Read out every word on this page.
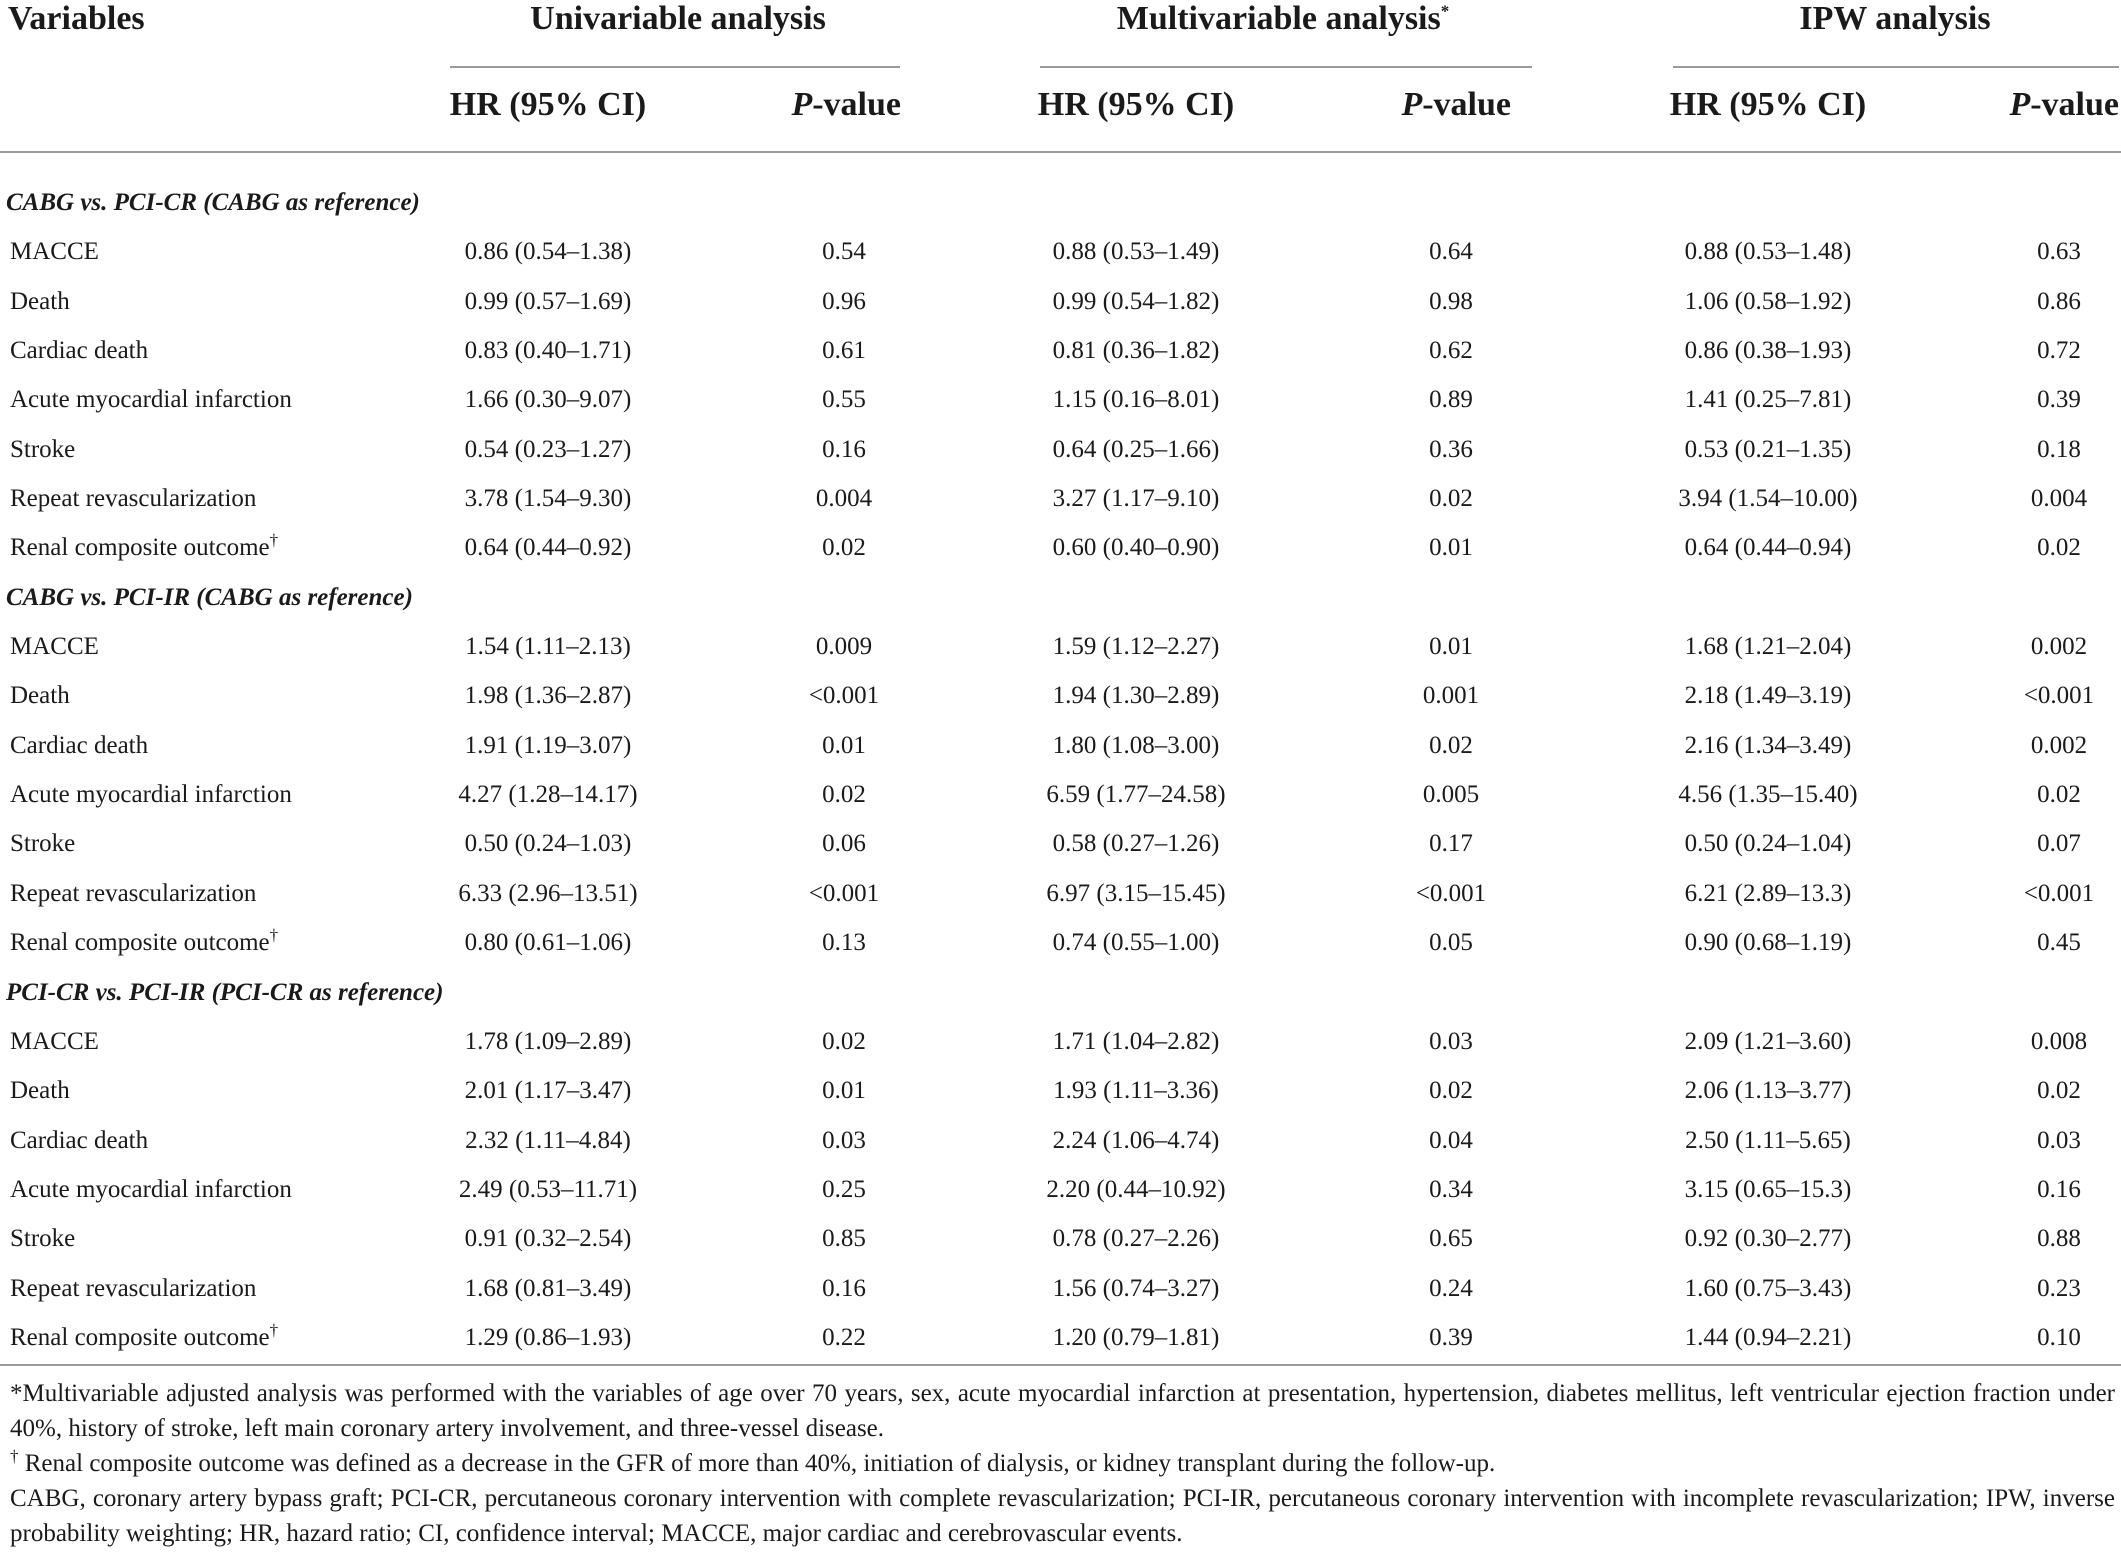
Variables	Univariable analysis	Multivariable analysis*	IPW analysis
HR (95% CI)	P-value	HR (95% CI)	P-value	HR (95% CI)	P-value
CABG vs. PCI-CR (CABG as reference)
MACCE	0.86 (0.54–1.38)	0.54	0.88 (0.53–1.49)	0.64	0.88 (0.53–1.48)	0.63
Death	0.99 (0.57–1.69)	0.96	0.99 (0.54–1.82)	0.98	1.06 (0.58–1.92)	0.86
Cardiac death	0.83 (0.40–1.71)	0.61	0.81 (0.36–1.82)	0.62	0.86 (0.38–1.93)	0.72
Acute myocardial infarction	1.66 (0.30–9.07)	0.55	1.15 (0.16–8.01)	0.89	1.41 (0.25–7.81)	0.39
Stroke	0.54 (0.23–1.27)	0.16	0.64 (0.25–1.66)	0.36	0.53 (0.21–1.35)	0.18
Repeat revascularization	3.78 (1.54–9.30)	0.004	3.27 (1.17–9.10)	0.02	3.94 (1.54–10.00)	0.004
Renal composite outcome†	0.64 (0.44–0.92)	0.02	0.60 (0.40–0.90)	0.01	0.64 (0.44–0.94)	0.02
CABG vs. PCI-IR (CABG as reference)
MACCE	1.54 (1.11–2.13)	0.009	1.59 (1.12–2.27)	0.01	1.68 (1.21–2.04)	0.002
Death	1.98 (1.36–2.87)	<0.001	1.94 (1.30–2.89)	0.001	2.18 (1.49–3.19)	<0.001
Cardiac death	1.91 (1.19–3.07)	0.01	1.80 (1.08–3.00)	0.02	2.16 (1.34–3.49)	0.002
Acute myocardial infarction	4.27 (1.28–14.17)	0.02	6.59 (1.77–24.58)	0.005	4.56 (1.35–15.40)	0.02
Stroke	0.50 (0.24–1.03)	0.06	0.58 (0.27–1.26)	0.17	0.50 (0.24–1.04)	0.07
Repeat revascularization	6.33 (2.96–13.51)	<0.001	6.97 (3.15–15.45)	<0.001	6.21 (2.89–13.3)	<0.001
Renal composite outcome†	0.80 (0.61–1.06)	0.13	0.74 (0.55–1.00)	0.05	0.90 (0.68–1.19)	0.45
PCI-CR vs. PCI-IR (PCI-CR as reference)
MACCE	1.78 (1.09–2.89)	0.02	1.71 (1.04–2.82)	0.03	2.09 (1.21–3.60)	0.008
Death	2.01 (1.17–3.47)	0.01	1.93 (1.11–3.36)	0.02	2.06 (1.13–3.77)	0.02
Cardiac death	2.32 (1.11–4.84)	0.03	2.24 (1.06–4.74)	0.04	2.50 (1.11–5.65)	0.03
Acute myocardial infarction	2.49 (0.53–11.71)	0.25	2.20 (0.44–10.92)	0.34	3.15 (0.65–15.3)	0.16
Stroke	0.91 (0.32–2.54)	0.85	0.78 (0.27–2.26)	0.65	0.92 (0.30–2.77)	0.88
Repeat revascularization	1.68 (0.81–3.49)	0.16	1.56 (0.74–3.27)	0.24	1.60 (0.75–3.43)	0.23
Renal composite outcome†	1.29 (0.86–1.93)	0.22	1.20 (0.79–1.81)	0.39	1.44 (0.94–2.21)	0.10

*Multivariable adjusted analysis was performed with the variables of age over 70 years, sex, acute myocardial infarction at presentation, hypertension, diabetes mellitus, left ventricular ejection fraction under 40%, history of stroke, left main coronary artery involvement, and three-vessel disease.

† Renal composite outcome was defined as a decrease in the GFR of more than 40%, initiation of dialysis, or kidney transplant during the follow-up.

CABG, coronary artery bypass graft; PCI-CR, percutaneous coronary intervention with complete revascularization; PCI-IR, percutaneous coronary intervention with incomplete revascularization; IPW, inverse probability weighting; HR, hazard ratio; CI, confidence interval; MACCE, major cardiac and cerebrovascular events.
